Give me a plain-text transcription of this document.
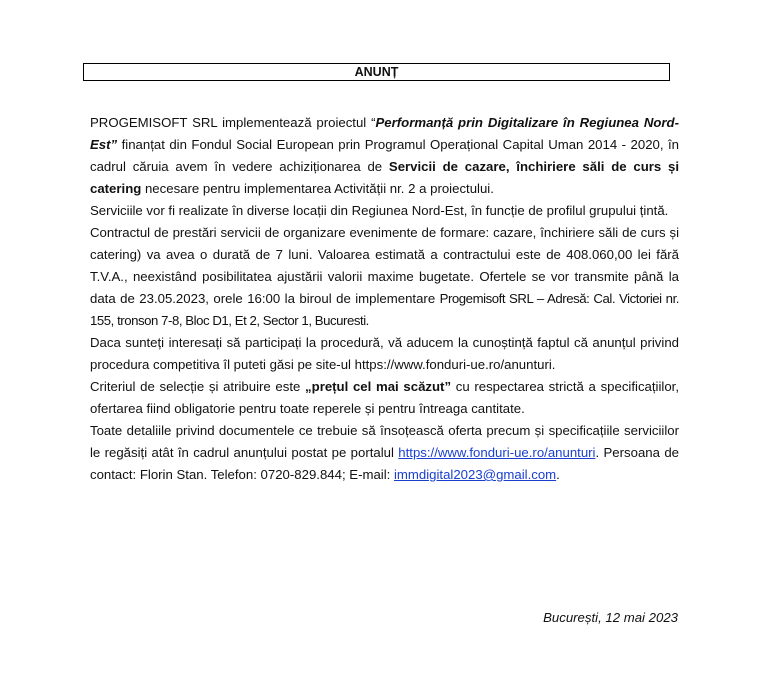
ANUNȚ

PROGEMISOFT SRL implementează proiectul “Performanță prin Digitalizare în Regiunea Nord-Est” finanțat din Fondul Social European prin Programul Operațional Capital Uman 2014 - 2020, în cadrul căruia avem în vedere achiziționarea de Servicii de cazare, închiriere săli de curs și catering necesare pentru implementarea Activității nr. 2 a proiectului.

Serviciile vor fi realizate în diverse locații din Regiunea Nord-Est, în funcție de profilul grupului țintă.

Contractul de prestări servicii de organizare evenimente de formare: cazare, închiriere săli de curs și catering) va avea o durată de 7 luni. Valoarea estimată a contractului este de 408.060,00 lei fără T.V.A., neexistând posibilitatea ajustării valorii maxime bugetate. Ofertele se vor transmite până la data de 23.05.2023, orele 16:00 la biroul de implementare Progemisoft SRL – Adresă: Cal. Victoriei nr. 155, tronson 7-8, Bloc D1, Et 2, Sector 1, Bucuresti.

Daca sunteți interesați să participați la procedură, vă aducem la cunoștință faptul că anunțul privind procedura competitiva îl puteti găsi pe site-ul https://www.fonduri-ue.ro/anunturi.

Criteriul de selecție și atribuire este „prețul cel mai scăzut” cu respectarea strictă a specificațiilor, ofertarea fiind obligatorie pentru toate reperele și pentru întreaga cantitate.

Toate detaliile privind documentele ce trebuie să însoțească oferta precum și specificațiile serviciilor le regăsiți atât în cadrul anunțului postat pe portalul https://www.fonduri-ue.ro/anunturi. Persoana de contact: Florin Stan. Telefon: 0720-829.844; E-mail: immdigital2023@gmail.com.

București, 12 mai 2023
